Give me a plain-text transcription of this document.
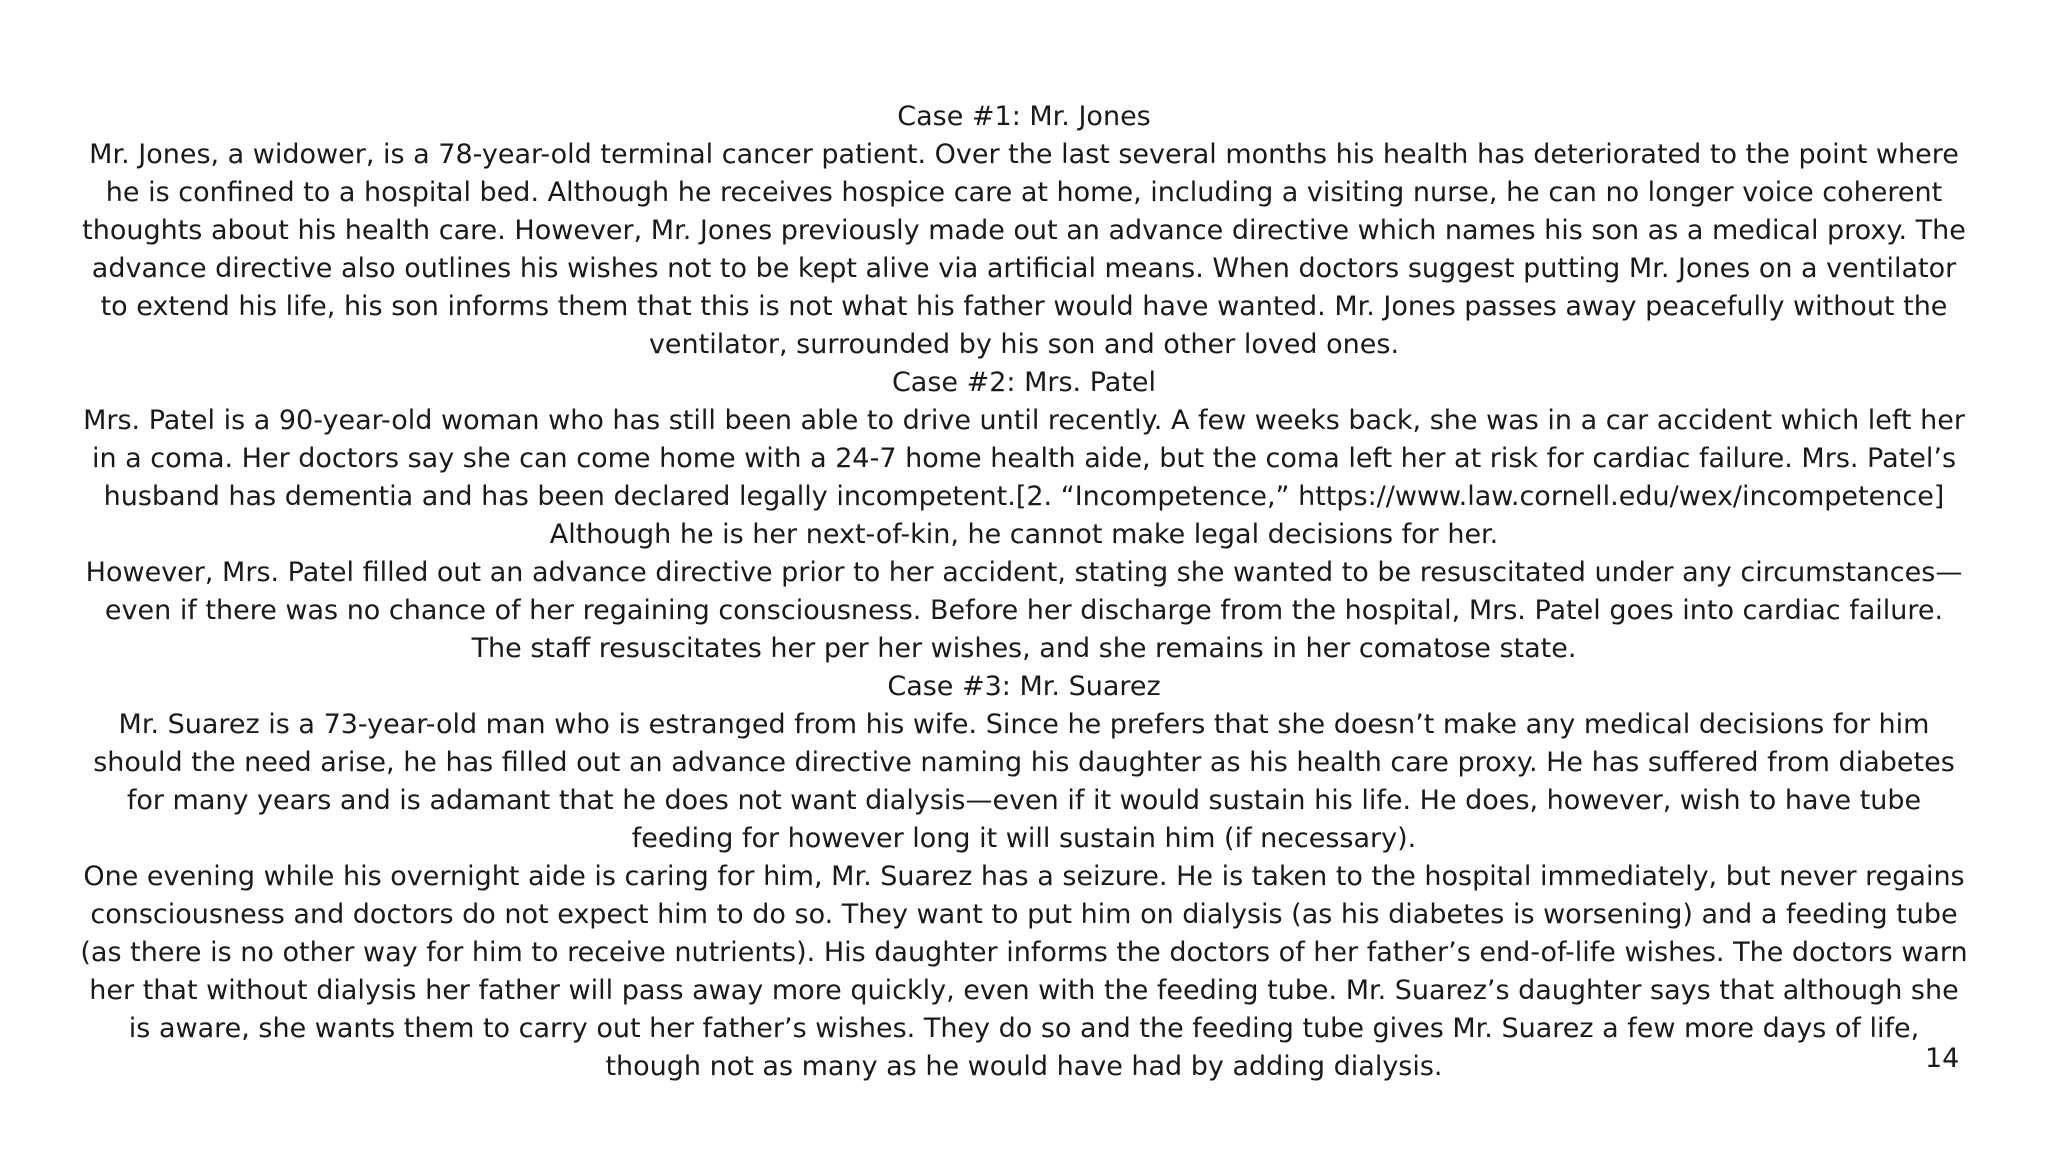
Case #1: Mr. Jones

Mr. Jones, a widower, is a 78-year-old terminal cancer patient. Over the last several months his health has deteriorated to the point where he is confined to a hospital bed. Although he receives hospice care at home, including a visiting nurse, he can no longer voice coherent thoughts about his health care. However, Mr. Jones previously made out an advance directive which names his son as a medical proxy. The advance directive also outlines his wishes not to be kept alive via artificial means. When doctors suggest putting Mr. Jones on a ventilator to extend his life, his son informs them that this is not what his father would have wanted. Mr. Jones passes away peacefully without the ventilator, surrounded by his son and other loved ones.

Case #2: Mrs. Patel

Mrs. Patel is a 90-year-old woman who has still been able to drive until recently. A few weeks back, she was in a car accident which left her in a coma. Her doctors say she can come home with a 24-7 home health aide, but the coma left her at risk for cardiac failure. Mrs. Patel’s husband has dementia and has been declared legally incompetent.[2. “Incompetence,” https://www.law.cornell.edu/wex/incompetence] Although he is her next-of-kin, he cannot make legal decisions for her.

However, Mrs. Patel filled out an advance directive prior to her accident, stating she wanted to be resuscitated under any circumstances—even if there was no chance of her regaining consciousness. Before her discharge from the hospital, Mrs. Patel goes into cardiac failure. The staff resuscitates her per her wishes, and she remains in her comatose state.

Case #3: Mr. Suarez

Mr. Suarez is a 73-year-old man who is estranged from his wife. Since he prefers that she doesn’t make any medical decisions for him should the need arise, he has filled out an advance directive naming his daughter as his health care proxy. He has suffered from diabetes for many years and is adamant that he does not want dialysis—even if it would sustain his life. He does, however, wish to have tube feeding for however long it will sustain him (if necessary).

One evening while his overnight aide is caring for him, Mr. Suarez has a seizure. He is taken to the hospital immediately, but never regains consciousness and doctors do not expect him to do so. They want to put him on dialysis (as his diabetes is worsening) and a feeding tube (as there is no other way for him to receive nutrients). His daughter informs the doctors of her father’s end-of-life wishes. The doctors warn her that without dialysis her father will pass away more quickly, even with the feeding tube. Mr. Suarez’s daughter says that although she is aware, she wants them to carry out her father’s wishes. They do so and the feeding tube gives Mr. Suarez a few more days of life, though not as many as he would have had by adding dialysis.	14
